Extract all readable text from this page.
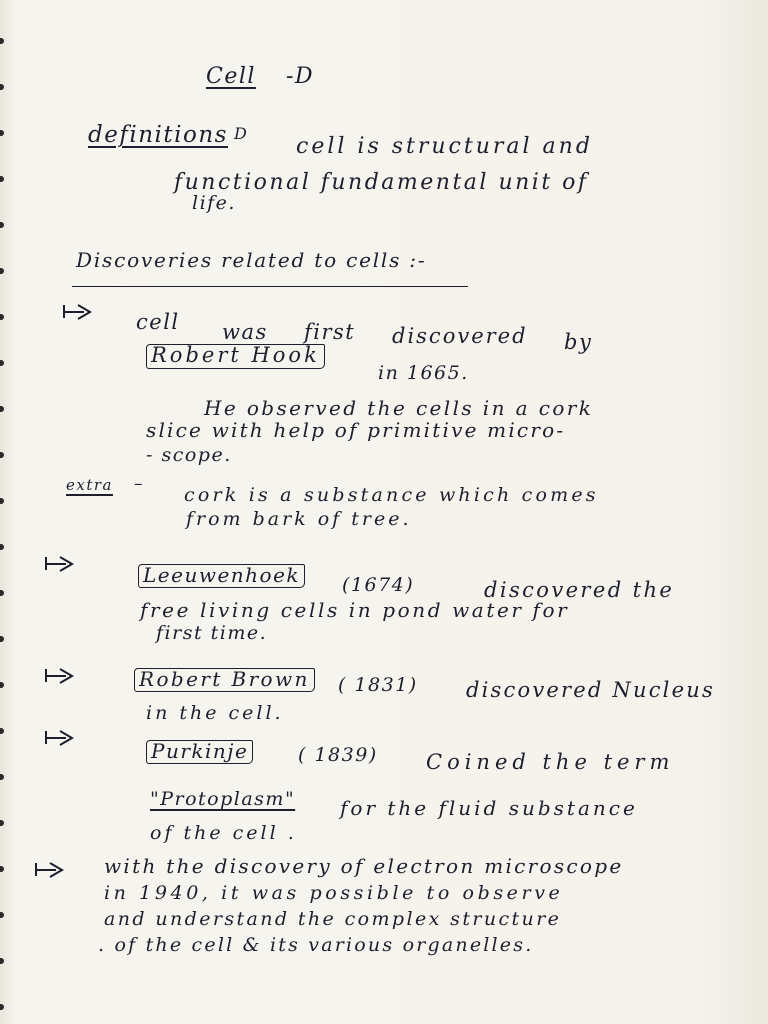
Cell -D
definitions D
cell is structural and
functional fundamental unit of
life.
Discoveries related to cells :-
cell was first discovered by
Robert Hook
in 1665.
He observed the cells in a cork
slice with help of primitive micro-
- scope.
extra – cork is a substance which comes
from bark of tree.
Leeuwenhoek (1674)	discovered the
free living cells in pond water for
first time.
Robert Brown ( 1831) discovered Nucleus
in the cell.
Purkinje	( 1839) Coined the term
"Protoplasm" for the fluid substance
of the cell .
with the discovery of electron microscope
in 1940, it was possible to observe
and understand the complex structure
. of the cell & its various organelles.
